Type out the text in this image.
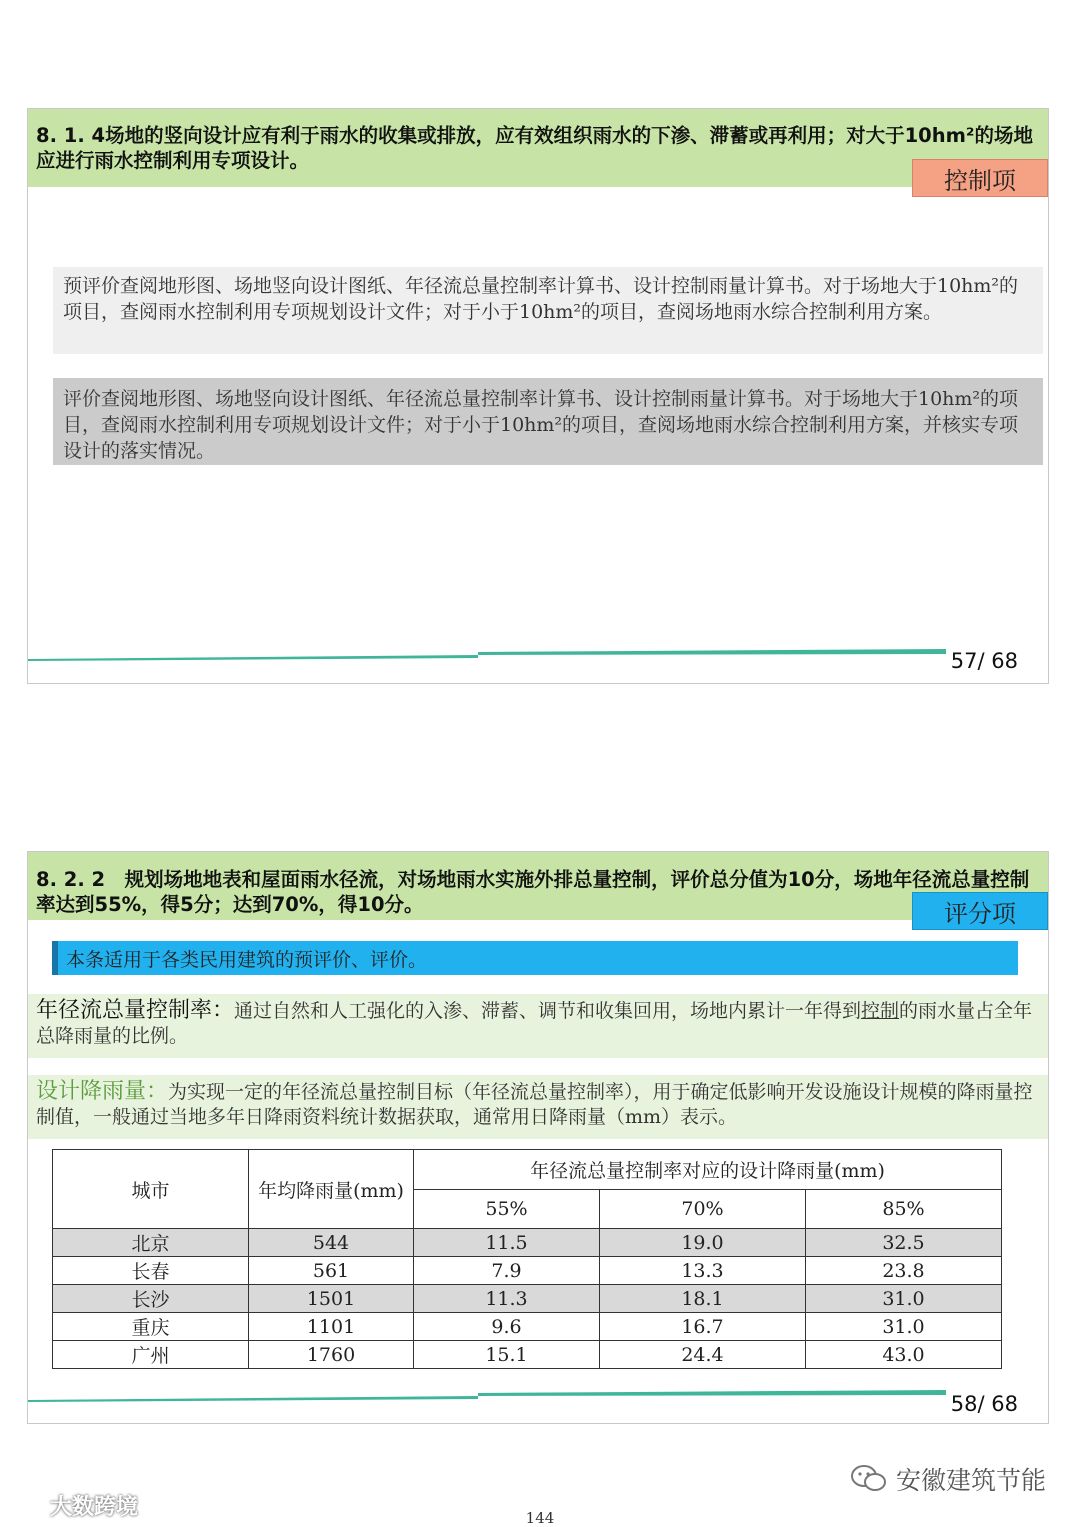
8. 1. 4场地的竖向设计应有利于雨水的收集或排放，应有效组织雨水的下渗、滞蓄或再利用；对大于10hm²的场地应进行雨水控制利用专项设计。
控制项
预评价查阅地形图、场地竖向设计图纸、年径流总量控制率计算书、设计控制雨量计算书。对于场地大于10hm²的项目，查阅雨水控制利用专项规划设计文件；对于小于10hm²的项目，查阅场地雨水综合控制利用方案。
评价查阅地形图、场地竖向设计图纸、年径流总量控制率计算书、设计控制雨量计算书。对于场地大于10hm²的项目，查阅雨水控制利用专项规划设计文件；对于小于10hm²的项目，查阅场地雨水综合控制利用方案，并核实专项设计的落实情况。
57/ 68
8. 2. 2　规划场地地表和屋面雨水径流，对场地雨水实施外排总量控制，评价总分值为10分，场地年径流总量控制率达到55%，得5分；达到70%，得10分。	评分项
本条适用于各类民用建筑的预评价、评价。
年径流总量控制率：通过自然和人工强化的入渗、滞蓄、调节和收集回用，场地内累计一年得到控制的雨水量占全年总降雨量的比例。
设计降雨量：为实现一定的年径流总量控制目标（年径流总量控制率），用于确定低影响开发设施设计规模的降雨量控制值，一般通过当地多年日降雨资料统计数据获取，通常用日降雨量（mm）表示。
城市	年均降雨量(mm)	年径流总量控制率对应的设计降雨量(mm)		
		55%	70%	85%
北京	544	11.5	19.0	32.5
长春	561	7.9	13.3	23.8
长沙	1501	11.3	18.1	31.0
重庆	1101	9.6	16.7	31.0
广州	1760	15.1	24.4	43.0
58/ 68
大数跨境
安徽建筑节能
144
